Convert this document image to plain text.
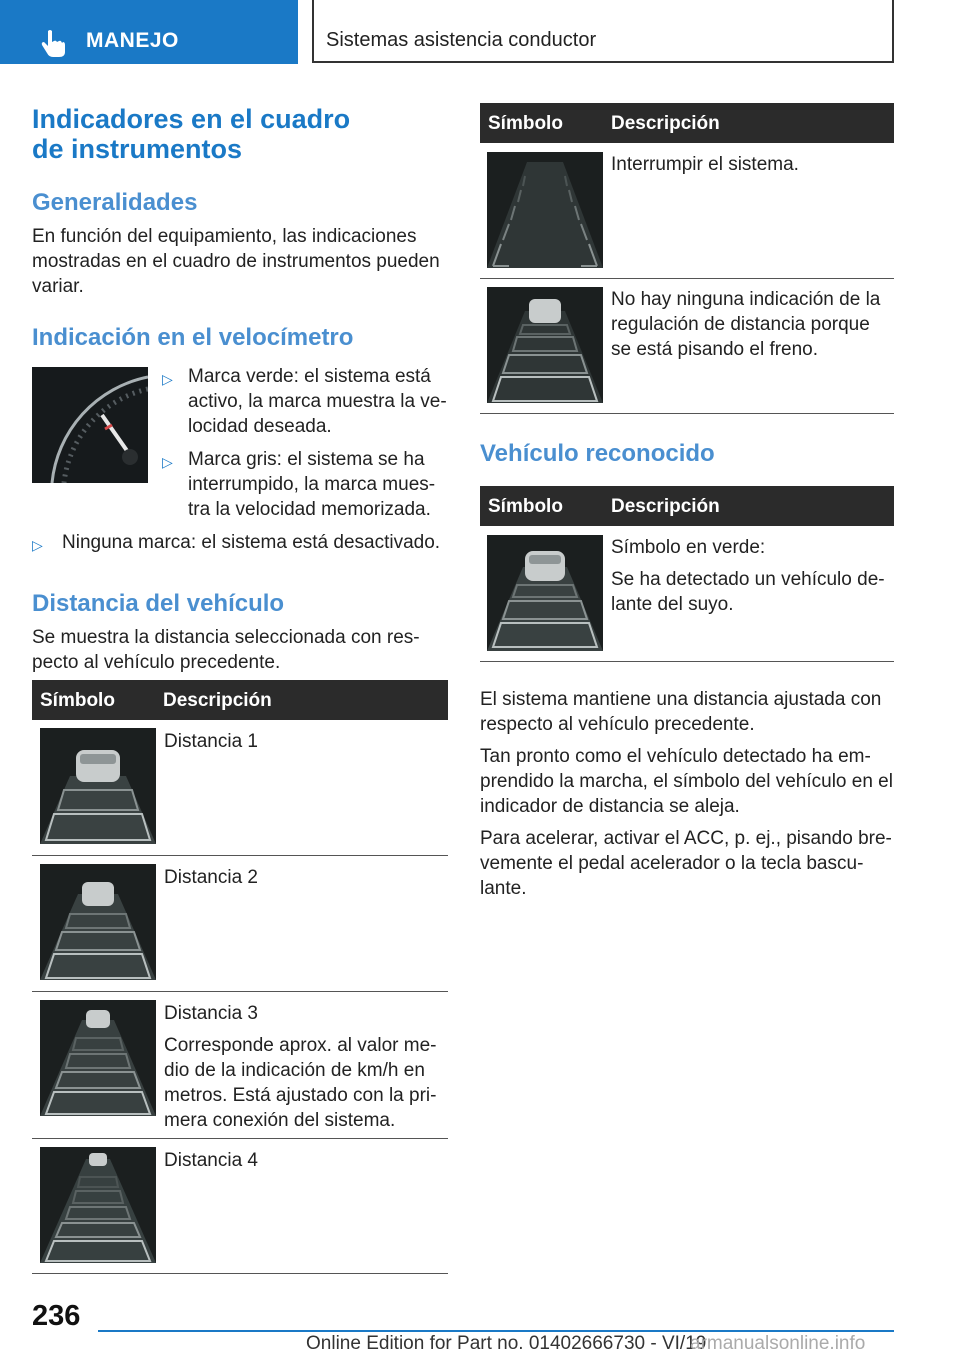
MANEJO	Sistemas asistencia conductor
Indicadores en el cuadro
de instrumentos
Generalidades
En función del equipamiento, las indicaciones
mostradas en el cuadro de instrumentos pueden
variar.
Indicación en el velocímetro
▷ Marca verde: el sistema está
activo, la marca muestra la ve-
locidad deseada.
▷ Marca gris: el sistema se ha
interrumpido, la marca mues-
tra la velocidad memorizada.
▷ Ninguna marca: el sistema está desactivado.
Distancia del vehículo
Se muestra la distancia seleccionada con res-
pecto al vehículo precedente.
Símbolo	Descripción
Distancia 1
Distancia 2
Distancia 3
Corresponde aprox. al valor me-
dio de la indicación de km/h en
metros. Está ajustado con la pri-
mera conexión del sistema.
Distancia 4
Símbolo	Descripción
Interrumpir el sistema.
No hay ninguna indicación de la
regulación de distancia porque
se está pisando el freno.
Vehículo reconocido
Símbolo	Descripción
Símbolo en verde:
Se ha detectado un vehículo de-
lante del suyo.
El sistema mantiene una distancia ajustada con
respecto al vehículo precedente.
Tan pronto como el vehículo detectado ha em-
prendido la marcha, el símbolo del vehículo en el
indicador de distancia se aleja.
Para acelerar, activar el ACC, p. ej., pisando bre-
vemente el pedal acelerador o la tecla bascu-
lante.
236
Online Edition for Part no. 01402666730 - VI/19
armanualsonline.info
